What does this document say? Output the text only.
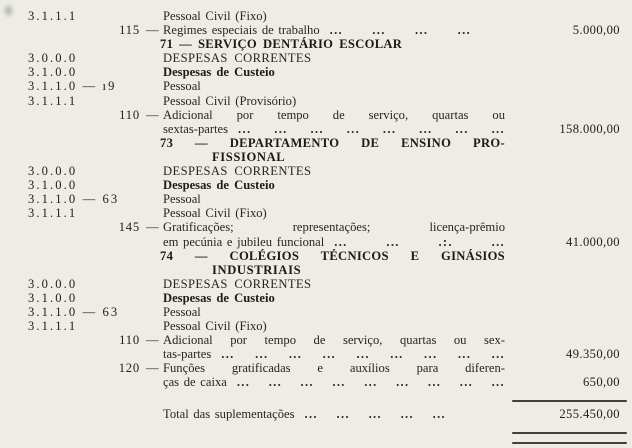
3.1.1.1	Pessoal Civil (Fixo)
115 — Regimes especiais de trabalho ... ... ... ...	5.000,00
71 — SERVIÇO DENTÁRIO ESCOLAR
3.0.0.0	DESPESAS CORRENTES
3.1.0.0	Despesas de Custeio
3.1.1.0 — ı9	Pessoal
3.1.1.1	Pessoal Civil (Provisório)
110 — Adicional por tempo de serviço, quartas ou
sextas-partes ... ... ... ... ... ... ... ...	158.000,00
73 — DEPARTAMENTO DE ENSINO PRO-
FISSIONAL
3.0.0.0	DESPESAS CORRENTES
3.1.0.0	Despesas de Custeio
3.1.1.0 — 63	Pessoal
3.1.1.1	Pessoal Civil (Fixo)
145 — Gratificações; representações; licença-prêmio
em pecúnia e jubileu funcional ...	...	.:.	...	41.000,00
74 — COLÉGIOS TÉCNICOS E GINÁSIOS
INDUSTRIAIS
3.0.0.0	DESPESAS CORRENTES
3.1.0.0	Despesas de Custeio
3.1.1.0 — 63	Pessoal
3.1.1.1	Pessoal Civil (Fixo)
110 — Adicional por tempo de serviço, quartas ou sex-
tas-partes ... ... ... ... ... ... ... ... ...	49.350,00
120 — Funções gratificadas e auxílios para diferen-
ças de caixa ... ... ... ... ... ... ... ... ...	650,00
Total das suplementações ... ... ... ... ...	255.450,00
